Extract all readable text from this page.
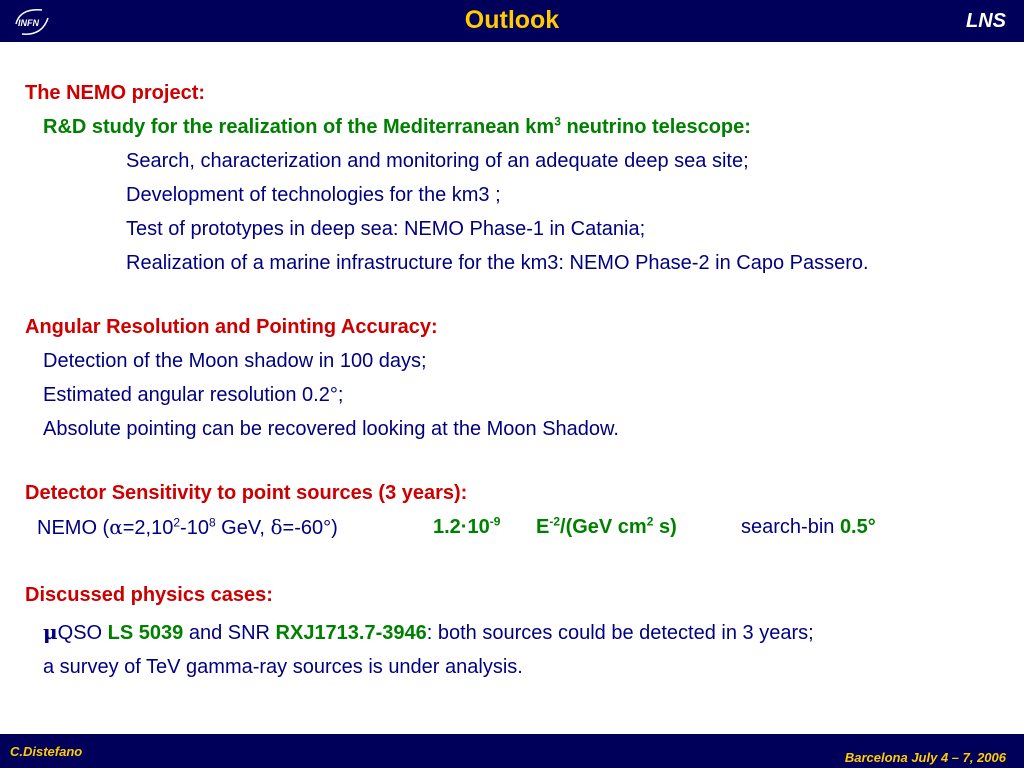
INFN	Outlook	LNS
The NEMO project:
R&D study for the realization of the Mediterranean $km^3$ neutrino telescope:
Search, characterization and monitoring of an adequate deep sea site;
Development of technologies for the km3 ;
Test of prototypes in deep sea: NEMO Phase-1 in Catania;
Realization of a marine infrastructure for the km3: NEMO Phase-2 in Capo Passero.
Angular Resolution and Pointing Accuracy:
Detection of the Moon shadow in 100 days;
Estimated angular resolution 0.2°;
Absolute pointing can be recovered looking at the Moon Shadow.
Detector Sensitivity to point sources (3 years):
NEMO ($\alpha=2,10^2-10^8$ GeV, δ=-60°)	$1.2\cdot 10^{-9}$ $E^{-2}/(GeV$ $cm^2$ s)	search-bin 0.5°
Discussed physics cases:
μQSO LS 5039 and SNR RXJ1713.7-3946: both sources could be detected in 3 years;
a survey of TeV gamma-ray sources is under analysis.
C.Distefano	Barcelona July 4 – 7, 2006
